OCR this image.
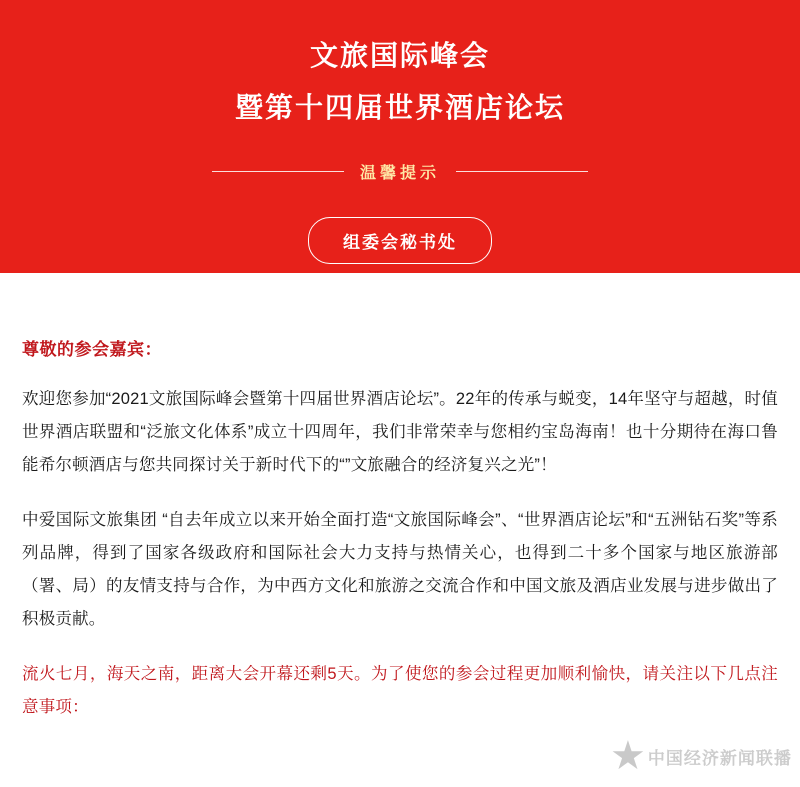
文旅国际峰会
暨第十四届世界酒店论坛
温馨提示
组委会秘书处

尊敬的参会嘉宾：

欢迎您参加“2021文旅国际峰会暨第十四届世界酒店论坛”。22年的传承与蜕变，14年坚守与超越，时值世界酒店联盟和“泛旅文化体系”成立十四周年，我们非常荣幸与您相约宝岛海南！也十分期待在海口鲁能希尔顿酒店与您共同探讨关于新时代下的“”文旅融合的经济复兴之光”！

中爱国际文旅集团 “自去年成立以来开始全面打造“文旅国际峰会”、“世界酒店论坛”和“五洲钻石奖”等系列品牌，得到了国家各级政府和国际社会大力支持与热情关心，也得到二十多个国家与地区旅游部（署、局）的友情支持与合作，为中西方文化和旅游之交流合作和中国文旅及酒店业发展与进步做出了积极贡献。

流火七月，海天之南，距离大会开幕还剩5天。为了使您的参会过程更加顺利愉快，请关注以下几点注意事项：

★ 中国经济新闻联播
